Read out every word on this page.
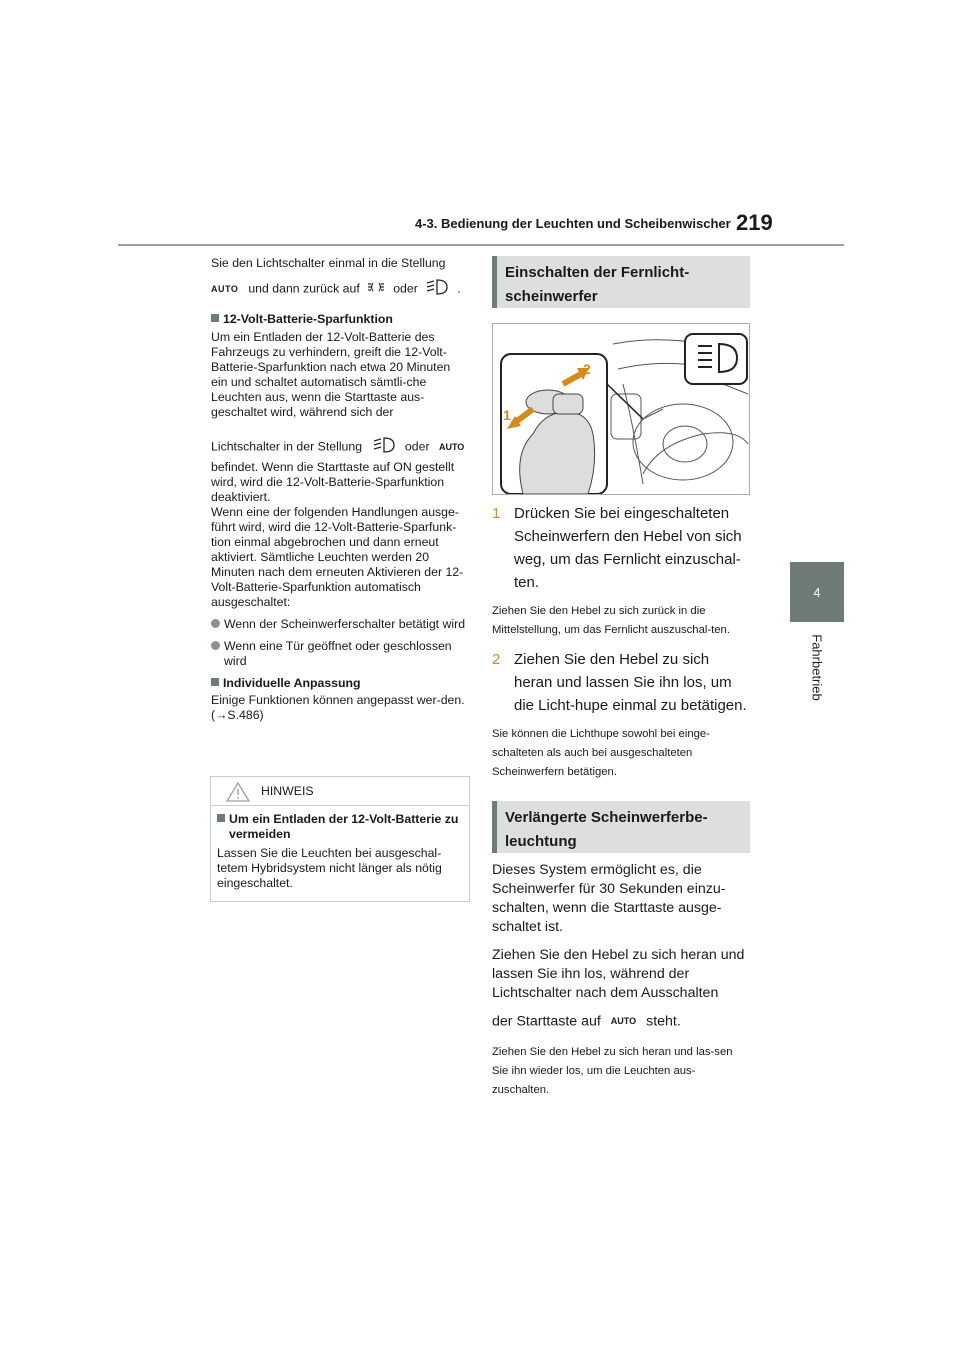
4-3. Bedienung der Leuchten und Scheibenwischer 219
4
Fahrbetrieb

Sie den Lichtschalter einmal in die Stellung

AUTO und dann zurück auf	oder	.

12-Volt-Batterie-Sparfunktion

Um ein Entladen der 12-Volt-Batterie des Fahrzeugs zu verhindern, greift die 12-Volt-Batterie-Sparfunktion nach etwa 20 Minuten ein und schaltet automatisch sämtli-che Leuchten aus, wenn die Starttaste aus-geschaltet wird, während sich der

Lichtschalter in der Stellung	oder AUTO

befindet. Wenn die Starttaste auf ON gestellt wird, wird die 12-Volt-Batterie-Sparfunktion deaktiviert.

Wenn eine der folgenden Handlungen ausge-führt wird, wird die 12-Volt-Batterie-Sparfunk-tion einmal abgebrochen und dann erneut aktiviert. Sämtliche Leuchten werden 20 Minuten nach dem erneuten Aktivieren der 12-Volt-Batterie-Sparfunktion automatisch ausgeschaltet:

Wenn der Scheinwerferschalter betätigt wird

Wenn eine Tür geöffnet oder geschlossen wird

Individuelle Anpassung

Einige Funktionen können angepasst wer-den. (→S.486)

HINWEIS

Um ein Entladen der 12-Volt-Batterie zu vermeiden

Lassen Sie die Leuchten bei ausgeschal-tetem Hybridsystem nicht länger als nötig eingeschaltet.

Einschalten der Fernlicht-scheinwerfer
1
2
1 Drücken Sie bei eingeschalteten Scheinwerfern den Hebel von sich weg, um das Fernlicht einzuschal-ten.

Ziehen Sie den Hebel zu sich zurück in die Mittelstellung, um das Fernlicht auszuschal-ten.

2 Ziehen Sie den Hebel zu sich heran und lassen Sie ihn los, um die Licht-hupe einmal zu betätigen.

Sie können die Lichthupe sowohl bei einge-schalteten als auch bei ausgeschalteten Scheinwerfern betätigen.

Verlängerte Scheinwerferbe-leuchtung

Dieses System ermöglicht es, die Scheinwerfer für 30 Sekunden einzu-schalten, wenn die Starttaste ausge-schaltet ist.

Ziehen Sie den Hebel zu sich heran und lassen Sie ihn los, während der Lichtschalter nach dem Ausschalten

der Starttaste auf AUTO steht.

Ziehen Sie den Hebel zu sich heran und las-sen Sie ihn wieder los, um die Leuchten aus-zuschalten.
